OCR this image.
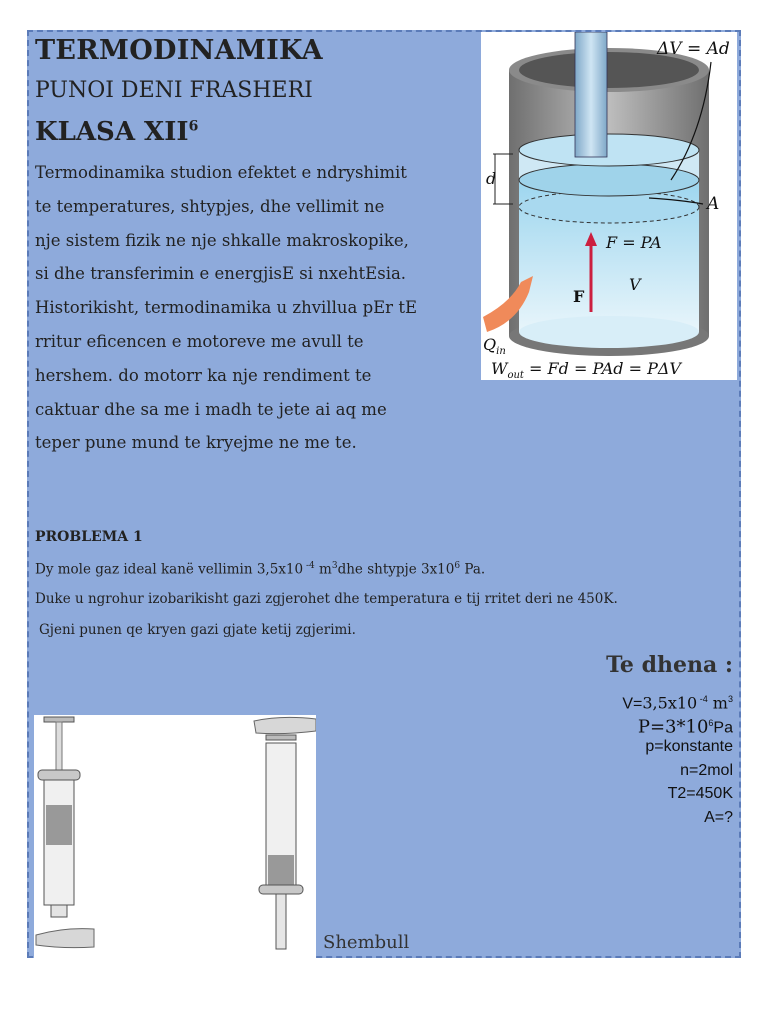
TERMODINAMIKA
PUNOI DENI FRASHERI
KLASA XII$^6$
Termodinamika studion efektet e ndryshimit
te temperatures, shtypjes, dhe vellimit ne
nje sistem fizik ne nje shkalle makroskopike,
si dhe transferimin e energjisE si nxehtEsia.
Historikisht, termodinamika u zhvillua pEr tE
rritur eficencen e motoreve me avull te
hershem. do motorr ka nje rendiment te
caktuar dhe sa me i madh te jete ai aq me
teper pune mund te kryejme ne me te.
d
ΔV = Ad
A
F = PA
V
F
$Q_{in}$
$W_{out} = Fd$ = PAd = PΔV
PROBLEMA 1
Dy mole gaz ideal kanë vellimin 3,5x10 $^{-4}$ $m^3dhe$ shtypje $3x10^6$ Pa.
Duke u ngrohur izobarikisht gazi zgjerohet dhe temperatura e tij rritet deri ne 450K.
Gjeni punen qe kryen gazi gjate ketij zgjerimi.
Te dhena :
V=3,5x10 $^{-4}$ $m^3$
$P=3*10^6Pa$
p=konstante
n=2mol
T2=450K
A=?
Shembull
